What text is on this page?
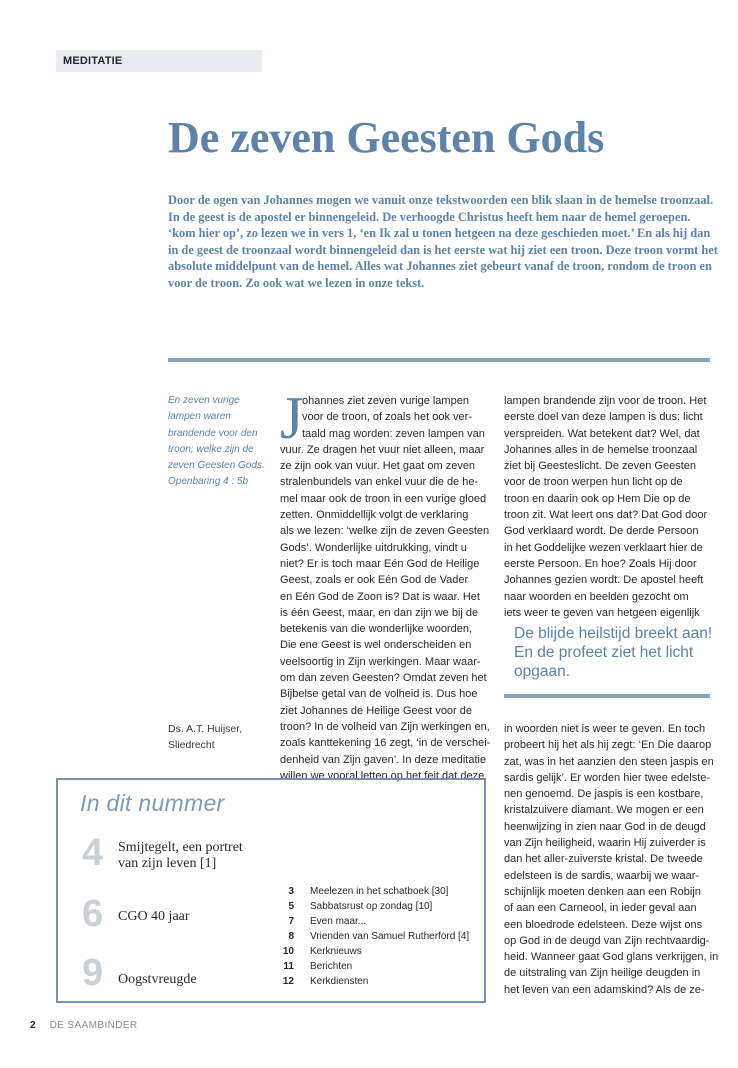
MEDITATIE
De zeven Geesten Gods

Door de ogen van Johannes mogen we vanuit onze tekstwoorden een blik slaan in de hemelse troonzaal. In de geest is de apostel er binnengeleid. De verhoogde Christus heeft hem naar de hemel geroepen. ‘kom hier op’, zo lezen we in vers 1, ‘en Ik zal u tonen hetgeen na deze geschieden moet.’ En als hij dan in de geest de troonzaal wordt binnengeleid dan is het eerste wat hij ziet een troon. Deze troon vormt het absolute middelpunt van de hemel. Alles wat Johannes ziet gebeurt vanaf de troon, rondom de troon en voor de troon. Zo ook wat we lezen in onze tekst.

En zeven vurige lampen waren brandende voor den troon; welke zijn de zeven Geesten Gods. Openbaring 4 : 5b

Ds. A.T. Huijser,
Sliedrecht
J
ohannes ziet zeven vurige lampen
voor de troon, of zoals het ook ver-
taald mag worden: zeven lampen van
vuur. Ze dragen het vuur niet alleen, maar
ze zijn ook van vuur. Het gaat om zeven
stralenbundels van enkel vuur die de he-
mel maar ook de troon in een vurige gloed
zetten. Onmiddellijk volgt de verklaring
als we lezen: ‘welke zijn de zeven Geesten
Gods’. Wonderlijke uitdrukking, vindt u
niet? Er is toch maar Eén God de Heilige
Geest, zoals er ook Eén God de Vader
en Eén God de Zoon is? Dat is waar. Het
is één Geest, maar, en dan zijn we bij de
betekenis van die wonderlijke woorden,
Die ene Geest is wel onderscheiden en
veelsoortig in Zijn werkingen. Maar waar-
om dan zeven Geesten? Omdat zeven het
Bijbelse getal van de volheid is. Dus hoe
ziet Johannes de Heilige Geest voor de
troon? In de volheid van Zijn werkingen en,
zoals kanttekening 16 zegt, ‘in de verschei-
denheid van Zijn gaven’. In deze meditatie
willen we vooral letten op het feit dat deze
lampen brandende zijn voor de troon. Het
eerste doel van deze lampen is dus: licht
verspreiden. Wat betekent dat? Wel, dat
Johannes alles in de hemelse troonzaal
ziet bij Geesteslicht. De zeven Geesten
voor de troon werpen hun licht op de
troon en daarin ook op Hem Die op de
troon zit. Wat leert ons dat? Dat God door
God verklaard wordt. De derde Persoon
in het Goddelijke wezen verklaart hier de
eerste Persoon. En hoe? Zoals Hij door
Johannes gezien wordt. De apostel heeft
naar woorden en beelden gezocht om
iets weer te geven van hetgeen eigenlijk

De blijde heilstijd breekt aan! En de profeet ziet het licht opgaan.

in woorden niet is weer te geven. En toch
probeert hij het als hij zegt: ‘En Die daarop
zat, was in het aanzien den steen jaspis en
sardis gelijk’. Er worden hier twee edelste-
nen genoemd. De jaspis is een kostbare,
kristalzuivere diamant. We mogen er een
heenwijzing in zien naar God in de deugd
van Zijn heiligheid, waarin Hij zuiverder is
dan het aller-zuiverste kristal. De tweede
edelsteen is de sardis, waarbij we waar-
schijnlijk moeten denken aan een Robijn
of aan een Carneool, in ieder geval aan
een bloedrode edelsteen. Deze wijst ons
op God in de deugd van Zijn rechtvaardig-
heid. Wanneer gaat God glans verkrijgen, in
de uitstraling van Zijn heilige deugden in
het leven van een adamskind? Als de ze-
In dit nummer
4 Smijtegelt, een portret
van zijn leven [1]
6 CGO 40 jaar
9 Oogstvreugde
3 Meelezen in het schatboek [30]
5 Sabbatsrust op zondag [10]
7 Even maar...
8 Vrienden van Samuel Rutherford [4]
10 Kerknieuws
11 Berichten
12 Kerkdiensten
2 DE SAAMBINDER
